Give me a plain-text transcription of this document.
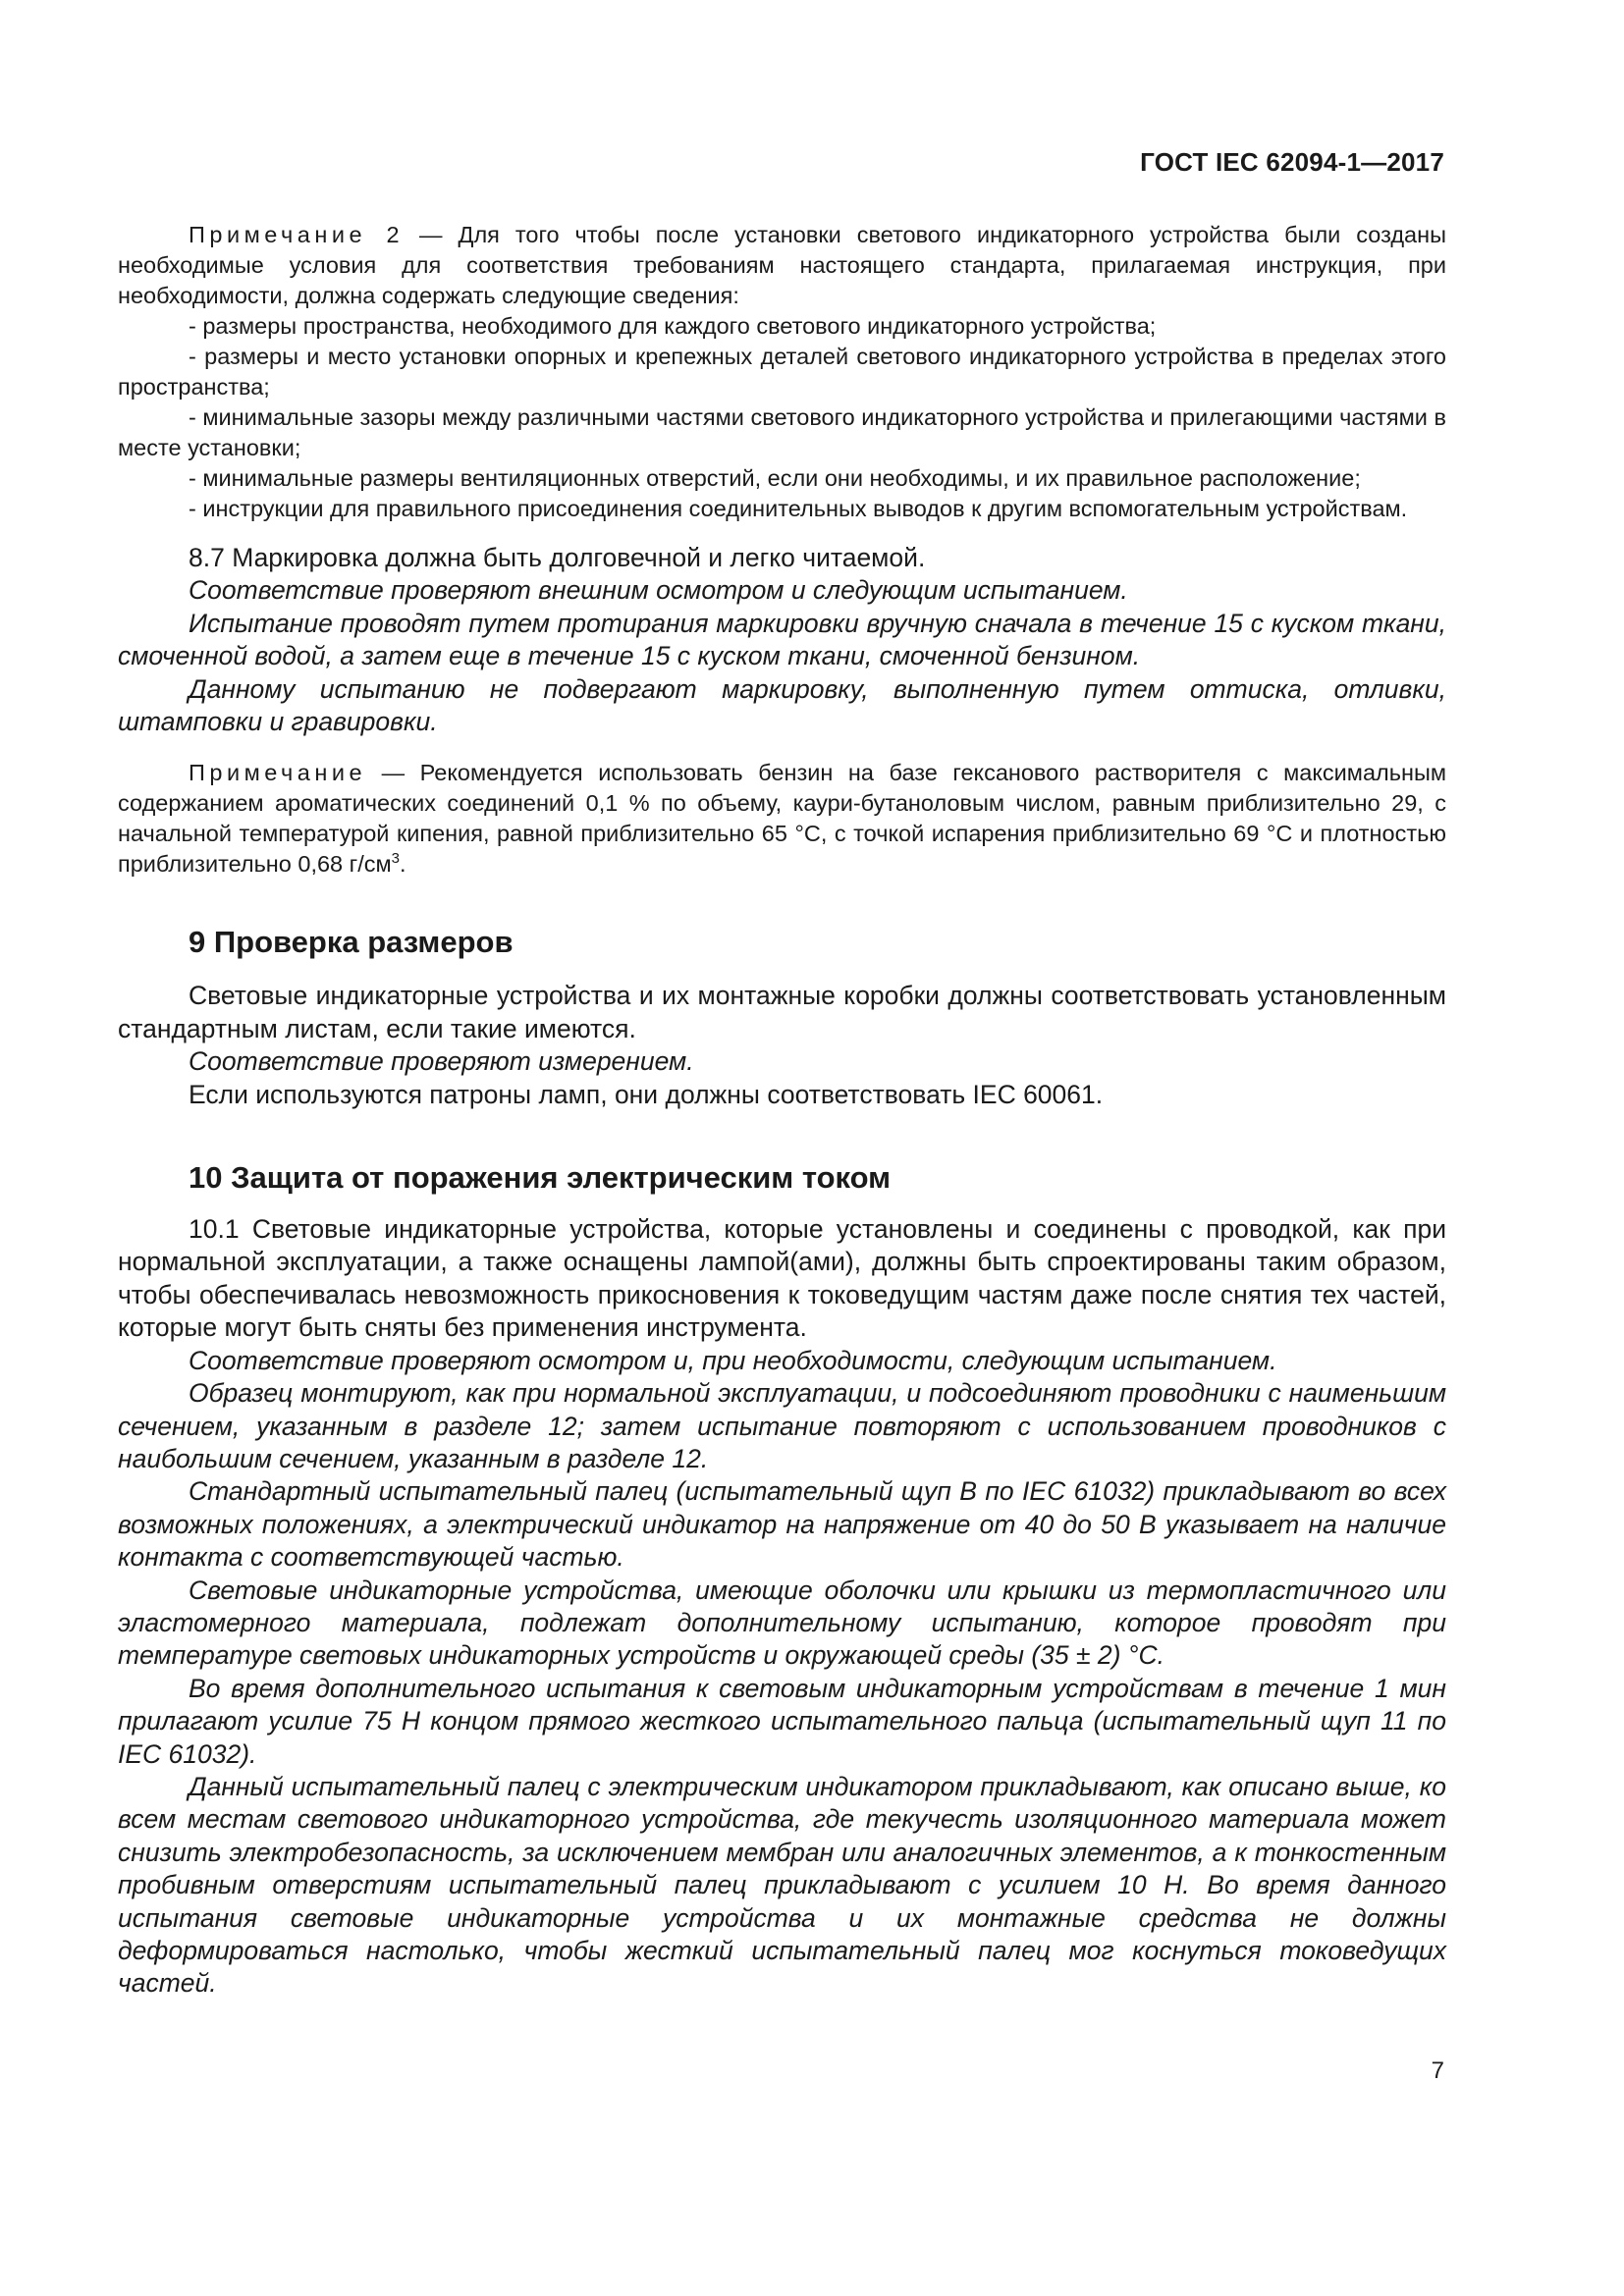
ГОСТ IEC 62094-1—2017

Примечание 2 — Для того чтобы после установки светового индикаторного устройства были созданы необходимые условия для соответствия требованиям настоящего стандарта, прилагаемая инструкция, при необходимости, должна содержать следующие сведения:

- размеры пространства, необходимого для каждого светового индикаторного устройства;

- размеры и место установки опорных и крепежных деталей светового индикаторного устройства в пределах этого пространства;

- минимальные зазоры между различными частями светового индикаторного устройства и прилегающими частями в месте установки;

- минимальные размеры вентиляционных отверстий, если они необходимы, и их правильное расположение;

- инструкции для правильного присоединения соединительных выводов к другим вспомогательным устройствам.

8.7 Маркировка должна быть долговечной и легко читаемой.

Соответствие проверяют внешним осмотром и следующим испытанием.

Испытание проводят путем протирания маркировки вручную сначала в течение 15 с куском ткани, смоченной водой, а затем еще в течение 15 с куском ткани, смоченной бензином.

Данному испытанию не подвергают маркировку, выполненную путем оттиска, отливки, штамповки и гравировки.

Примечание — Рекомендуется использовать бензин на базе гексанового растворителя с максимальным содержанием ароматических соединений 0,1 % по объему, каури-бутаноловым числом, равным приблизительно 29, с начальной температурой кипения, равной приблизительно 65 °С, с точкой испарения приблизительно 69 °С и плотностью приблизительно 0,68 $г/см^3$.

9 Проверка размеров

Световые индикаторные устройства и их монтажные коробки должны соответствовать установленным стандартным листам, если такие имеются.

Соответствие проверяют измерением.

Если используются патроны ламп, они должны соответствовать IEC 60061.

10 Защита от поражения электрическим током

10.1 Световые индикаторные устройства, которые установлены и соединены с проводкой, как при нормальной эксплуатации, а также оснащены лампой(ами), должны быть спроектированы таким образом, чтобы обеспечивалась невозможность прикосновения к токоведущим частям даже после снятия тех частей, которые могут быть сняты без применения инструмента.

Соответствие проверяют осмотром и, при необходимости, следующим испытанием.

Образец монтируют, как при нормальной эксплуатации, и подсоединяют проводники с наименьшим сечением, указанным в разделе 12; затем испытание повторяют с использованием проводников с наибольшим сечением, указанным в разделе 12.

Стандартный испытательный палец (испытательный щуп В по IEC 61032) прикладывают во всех возможных положениях, а электрический индикатор на напряжение от 40 до 50 В указывает на наличие контакта с соответствующей частью.

Световые индикаторные устройства, имеющие оболочки или крышки из термопластичного или эластомерного материала, подлежат дополнительному испытанию, которое проводят при температуре световых индикаторных устройств и окружающей среды (35 ± 2) °С.

Во время дополнительного испытания к световым индикаторным устройствам в течение 1 мин прилагают усилие 75 Н концом прямого жесткого испытательного пальца (испытательный щуп 11 по IEC 61032).

Данный испытательный палец с электрическим индикатором прикладывают, как описано выше, ко всем местам светового индикаторного устройства, где текучесть изоляционного материала может снизить электробезопасность, за исключением мембран или аналогичных элементов, а к тонкостенным пробивным отверстиям испытательный палец прикладывают с усилием 10 Н. Во время данного испытания световые индикаторные устройства и их монтажные средства не должны деформироваться настолько, чтобы жесткий испытательный палец мог коснуться токоведущих частей.

7
